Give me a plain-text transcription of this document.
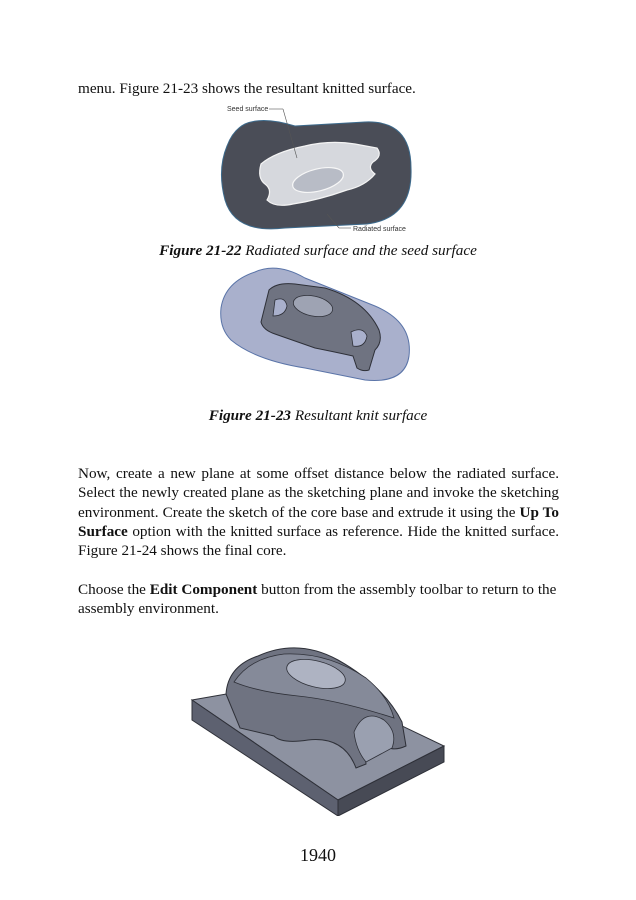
menu. Figure 21-23 shows the resultant knitted surface.

Seed surface
Radiated surface

Figure 21-22 Radiated surface and the seed surface

Figure 21-23 Resultant knit surface

Now, create a new plane at some offset distance below the radiated surface. Select the newly created plane as the sketching plane and invoke the sketching environment. Create the sketch of the core base and extrude it using the Up To Surface option with the knitted surface as reference. Hide the knitted surface. Figure 21-24 shows the final core.

Choose the Edit Component button from the assembly toolbar to return to the assembly environment.

1940
